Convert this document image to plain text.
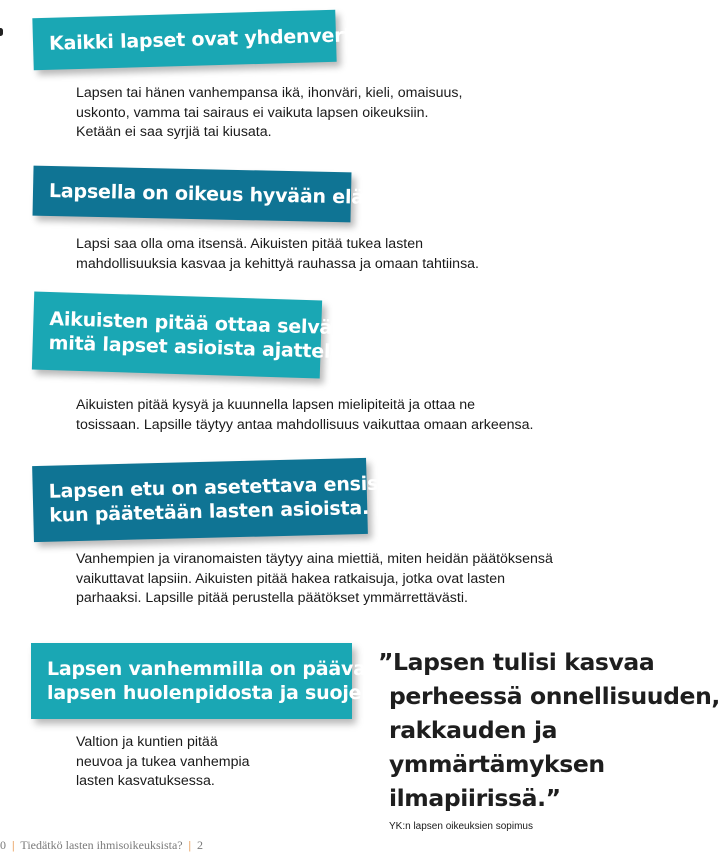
Kaikki lapset ovat yhdenvertaisia.
Lapsen tai hänen vanhempansa ikä, ihonväri, kieli, omaisuus,
uskonto, vamma tai sairaus ei vaikuta lapsen oikeuksiin.
Ketään ei saa syrjiä tai kiusata.
Lapsella on oikeus hyvään elämään.
Lapsi saa olla oma itsensä. Aikuisten pitää tukea lasten
mahdollisuuksia kasvaa ja kehittyä rauhassa ja omaan tahtiinsa.
Aikuisten pitää ottaa selvää,
mitä lapset asioista ajattelevat.
Aikuisten pitää kysyä ja kuunnella lapsen mielipiteitä ja ottaa ne
tosissaan. Lapsille täytyy antaa mahdollisuus vaikuttaa omaan arkeensa.
Lapsen etu on asetettava ensisijaiseksi,
kun päätetään lasten asioista.
Vanhempien ja viranomaisten täytyy aina miettiä, miten heidän päätöksensä
vaikuttavat lapsiin. Aikuisten pitää hakea ratkaisuja, jotka ovat lasten
parhaaksi. Lapsille pitää perustella päätökset ymmärrettävästi.
Lapsen vanhemmilla on päävastuu
lapsen huolenpidosta ja suojelusta.
Valtion ja kuntien pitää
neuvoa ja tukea vanhempia
lasten kasvatuksessa.
”Lapsen tulisi kasvaa
perheessä onnellisuuden,
rakkauden ja
ymmärtämyksen
ilmapiirissä.”
YK:n lapsen oikeuksien sopimus
0 | Tiedätkö lasten ihmisoikeuksista? | 2
